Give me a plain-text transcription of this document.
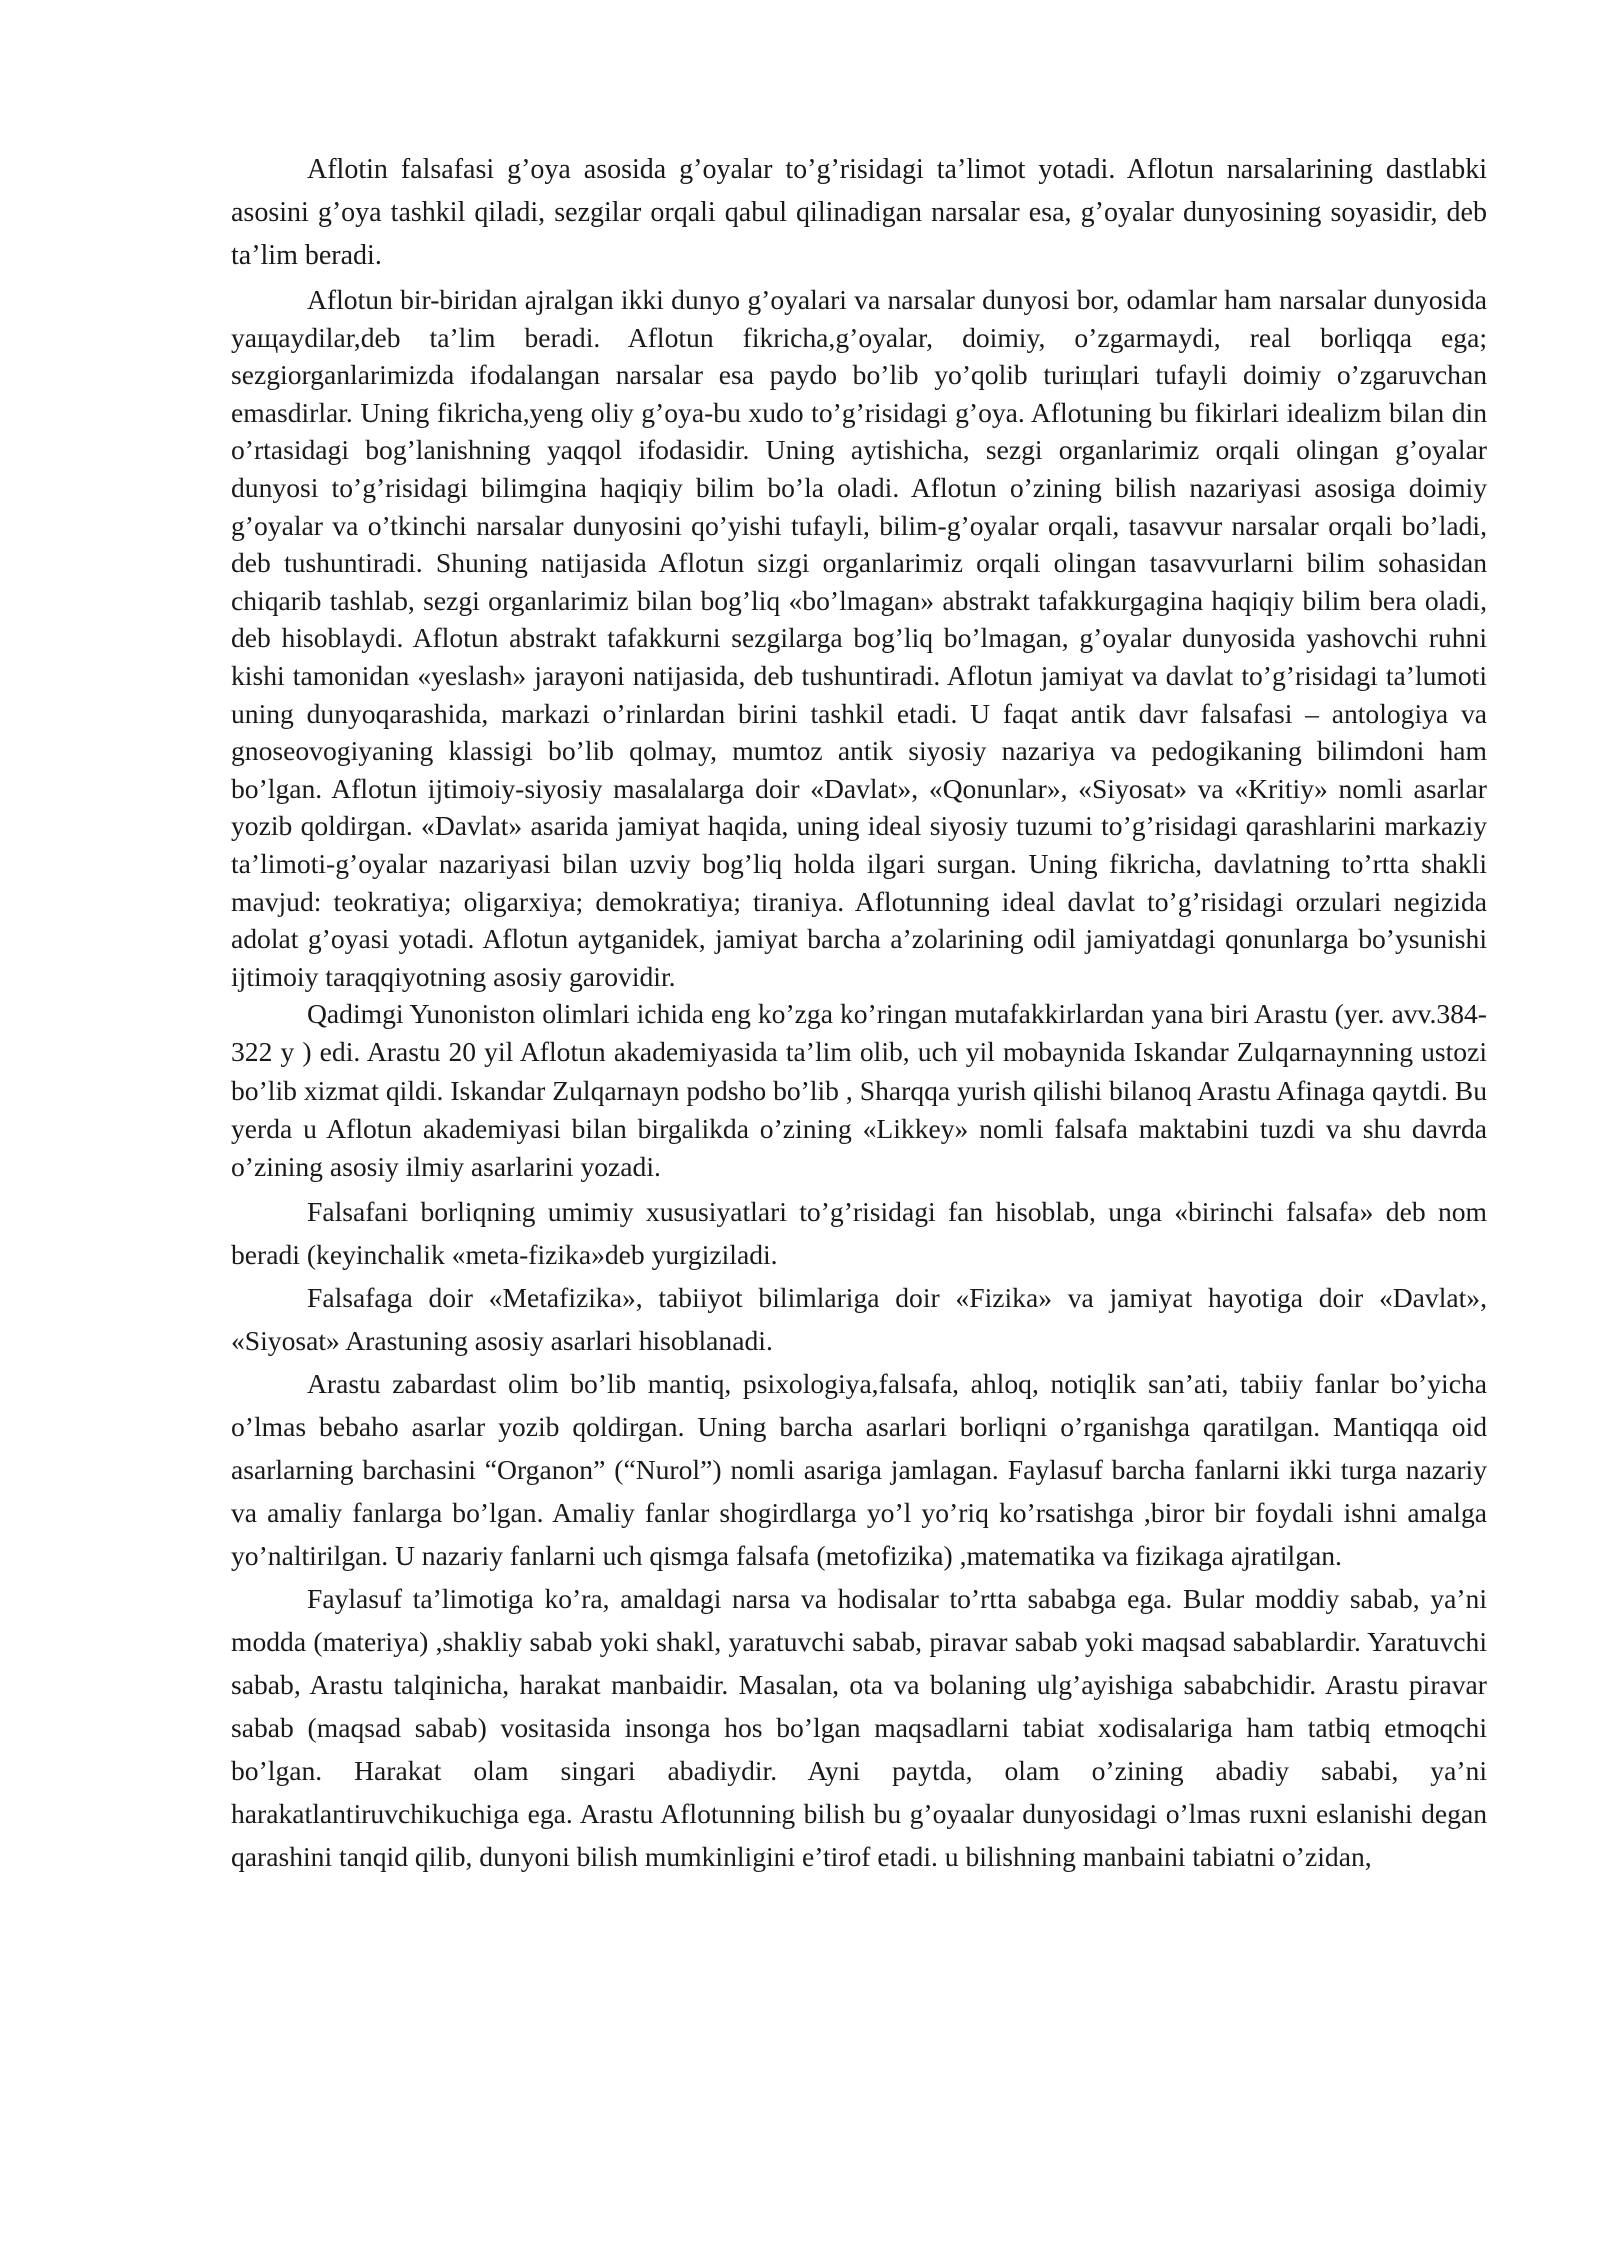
Aflotin falsafasi g’oya asosida g’oyalar to’g’risidagi ta’limot yotadi. Aflotun narsalarining dastlabki asosini g’oya tashkil qiladi, sezgilar orqali qabul qilinadigan narsalar esa, g’oyalar dunyosining soyasidir, deb ta’lim beradi.

Aflotun bir-biridan ajralgan ikki dunyo g’oyalari va narsalar dunyosi bor, odamlar ham narsalar dunyosida yaщaydilar,deb ta’lim beradi. Aflotun fikricha,g’oyalar, doimiy, o’zgarmaydi, real borliqqa ega; sezgiorganlarimizda ifodalangan narsalar esa paydo bo’lib yo’qolib turiщlari tufayli doimiy o’zgaruvchan emasdirlar. Uning fikricha,yeng oliy g’oya-bu xudo to’g’risidagi g’oya. Aflotuning bu fikirlari idealizm bilan din o’rtasidagi bog’lanishning yaqqol ifodasidir. Uning aytishicha, sezgi organlarimiz orqali olingan g’oyalar dunyosi to’g’risidagi bilimgina haqiqiy bilim bo’la oladi. Aflotun o’zining bilish nazariyasi asosiga doimiy g’oyalar va o’tkinchi narsalar dunyosini qo’yishi tufayli, bilim-g’oyalar orqali, tasavvur narsalar orqali bo’ladi, deb tushuntiradi. Shuning natijasida Aflotun sizgi organlarimiz orqali olingan tasavvurlarni bilim sohasidan chiqarib tashlab, sezgi organlarimiz bilan bog’liq «bo’lmagan» abstrakt tafakkurgagina haqiqiy bilim bera oladi, deb hisoblaydi. Aflotun abstrakt tafakkurni sezgilarga bog’liq bo’lmagan, g’oyalar dunyosida yashovchi ruhni kishi tamonidan «yeslash» jarayoni natijasida, deb tushuntiradi. Aflotun jamiyat va davlat to’g’risidagi ta’lumoti uning dunyoqarashida, markazi o’rinlardan birini tashkil etadi. U faqat antik davr falsafasi – antologiya va gnoseovogiyaning klassigi bo’lib qolmay, mumtoz antik siyosiy nazariya va pedogikaning bilimdoni ham bo’lgan. Aflotun ijtimoiy-siyosiy masalalarga doir «Davlat», «Qonunlar», «Siyosat» va «Kritiy» nomli asarlar yozib qoldirgan. «Davlat» asarida jamiyat haqida, uning ideal siyosiy tuzumi to’g’risidagi qarashlarini markaziy ta’limoti-g’oyalar nazariyasi bilan uzviy bog’liq holda ilgari surgan. Uning fikricha, davlatning to’rtta shakli mavjud: teokratiya; oligarxiya; demokratiya; tiraniya. Aflotunning ideal davlat to’g’risidagi orzulari negizida adolat g’oyasi yotadi. Aflotun aytganidek, jamiyat barcha a’zolarining odil jamiyatdagi qonunlarga bo’ysunishi ijtimoiy taraqqiyotning asosiy garovidir.

Qadimgi Yunoniston olimlari ichida eng ko’zga ko’ringan mutafakkirlardan yana biri Arastu (yer. avv.384-322 y ) edi. Arastu 20 yil Aflotun akademiyasida ta’lim olib, uch yil mobaynida Iskandar Zulqarnaynning ustozi bo’lib xizmat qildi. Iskandar Zulqarnayn podsho bo’lib , Sharqqa yurish qilishi bilanoq Arastu Afinaga qaytdi. Bu yerda u Aflotun akademiyasi bilan birgalikda o’zining «Likkey» nomli falsafa maktabini tuzdi va shu davrda o’zining asosiy ilmiy asarlarini yozadi.

Falsafani borliqning umimiy xususiyatlari to’g’risidagi fan hisoblab, unga «birinchi falsafa» deb nom beradi (keyinchalik «meta-fizika»deb yurgiziladi.

Falsafaga doir «Metafizika», tabiiyot bilimlariga doir «Fizika» va jamiyat hayotiga doir «Davlat», «Siyosat» Arastuning asosiy asarlari hisoblanadi.

Arastu zabardast olim bo’lib mantiq, psixologiya,falsafa, ahloq, notiqlik san’ati, tabiiy fanlar bo’yicha o’lmas bebaho asarlar yozib qoldirgan. Uning barcha asarlari borliqni o’rganishga qaratilgan. Mantiqqa oid asarlarning barchasini “Organon” (“Nurol”) nomli asariga jamlagan. Faylasuf barcha fanlarni ikki turga nazariy va amaliy fanlarga bo’lgan. Amaliy fanlar shogirdlarga yo’l yo’riq ko’rsatishga ,biror bir foydali ishni amalga yo’naltirilgan. U nazariy fanlarni uch qismga falsafa (metofizika) ,matematika va fizikaga ajratilgan.

Faylasuf ta’limotiga ko’ra, amaldagi narsa va hodisalar to’rtta sababga ega. Bular moddiy sabab, ya’ni modda (materiya) ,shakliy sabab yoki shakl, yaratuvchi sabab, piravar sabab yoki maqsad sabablardir. Yaratuvchi sabab, Arastu talqinicha, harakat manbaidir. Masalan, ota va bolaning ulg’ayishiga sababchidir. Arastu piravar sabab (maqsad sabab) vositasida insonga hos bo’lgan maqsadlarni tabiat xodisalariga ham tatbiq etmoqchi bo’lgan. Harakat olam singari abadiydir. Ayni paytda, olam o’zining abadiy sababi, ya’ni harakatlantiruvchikuchiga ega. Arastu Aflotunning bilish bu g’oyaalar dunyosidagi o’lmas ruxni eslanishi degan qarashini tanqid qilib, dunyoni bilish mumkinligini e’tirof etadi. u bilishning manbaini tabiatni o’zidan,
